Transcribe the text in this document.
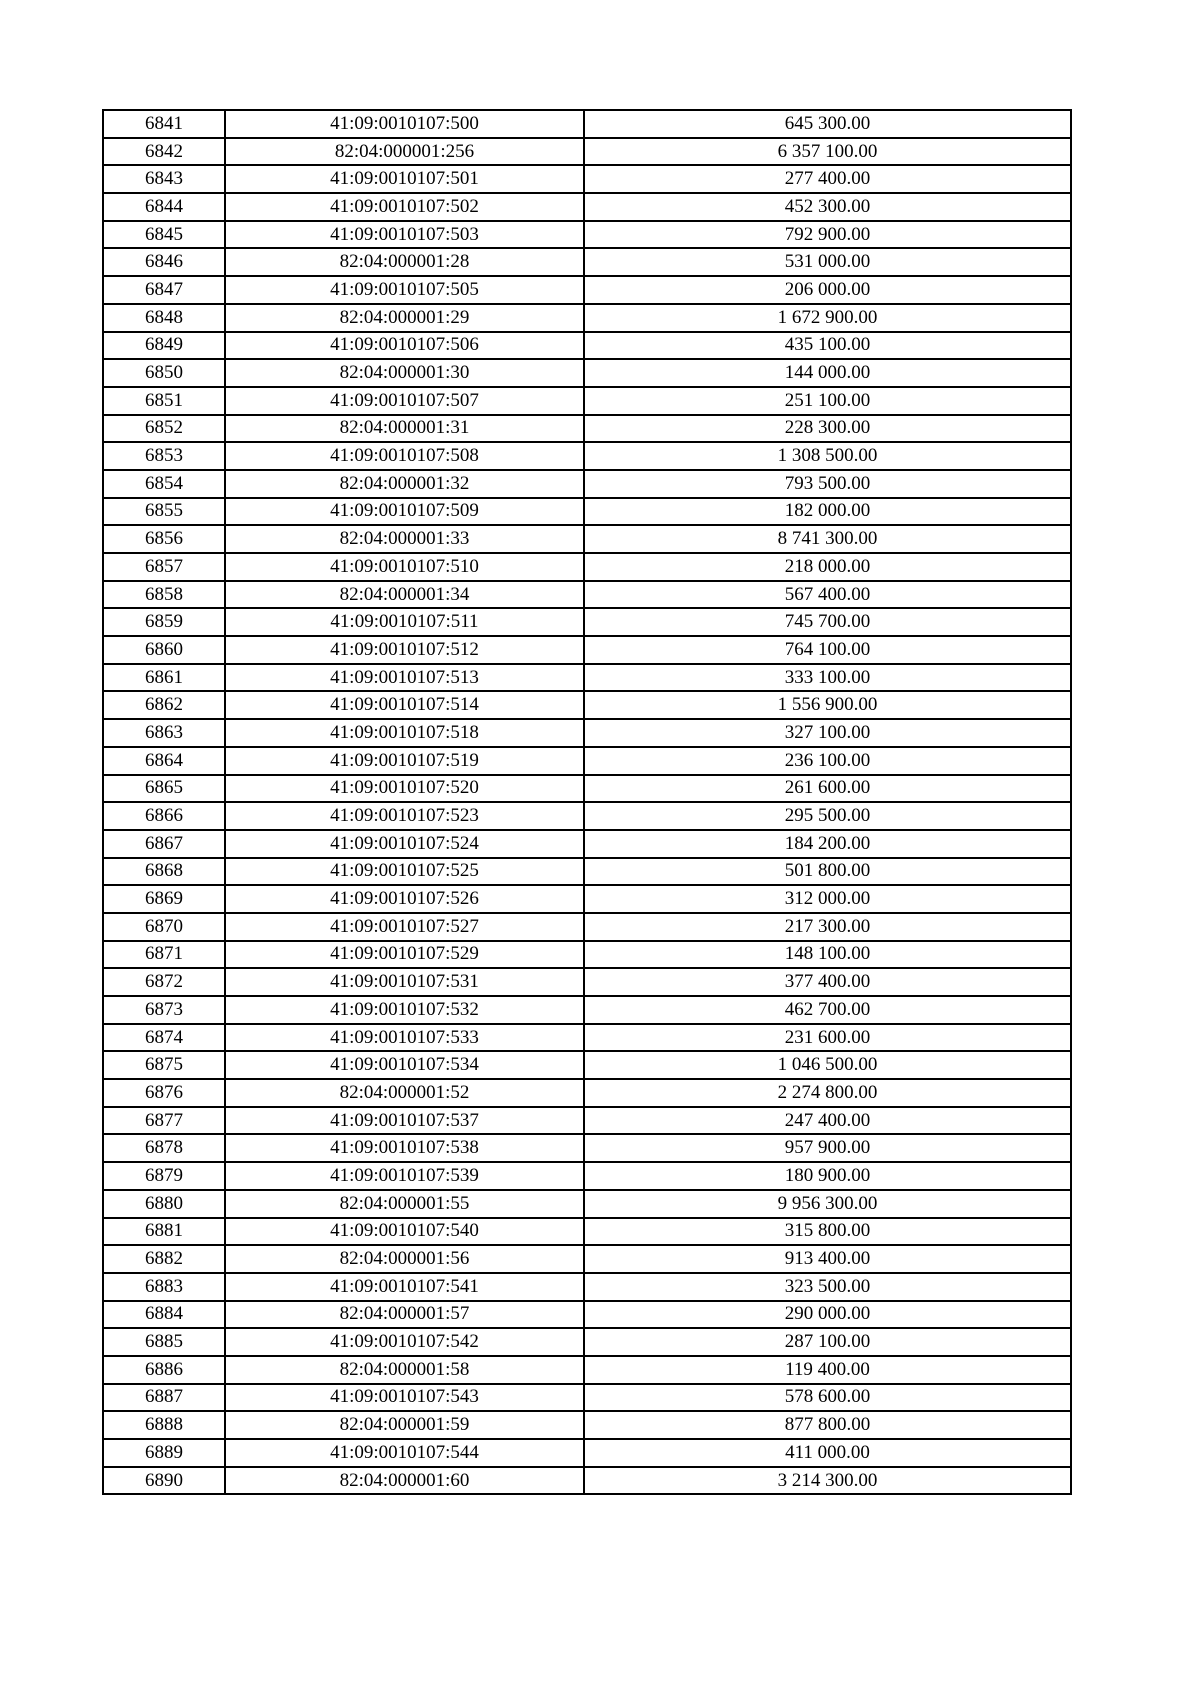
6841	41:09:0010107:500	645 300.00
6842	82:04:000001:256	6 357 100.00
6843	41:09:0010107:501	277 400.00
6844	41:09:0010107:502	452 300.00
6845	41:09:0010107:503	792 900.00
6846	82:04:000001:28	531 000.00
6847	41:09:0010107:505	206 000.00
6848	82:04:000001:29	1 672 900.00
6849	41:09:0010107:506	435 100.00
6850	82:04:000001:30	144 000.00
6851	41:09:0010107:507	251 100.00
6852	82:04:000001:31	228 300.00
6853	41:09:0010107:508	1 308 500.00
6854	82:04:000001:32	793 500.00
6855	41:09:0010107:509	182 000.00
6856	82:04:000001:33	8 741 300.00
6857	41:09:0010107:510	218 000.00
6858	82:04:000001:34	567 400.00
6859	41:09:0010107:511	745 700.00
6860	41:09:0010107:512	764 100.00
6861	41:09:0010107:513	333 100.00
6862	41:09:0010107:514	1 556 900.00
6863	41:09:0010107:518	327 100.00
6864	41:09:0010107:519	236 100.00
6865	41:09:0010107:520	261 600.00
6866	41:09:0010107:523	295 500.00
6867	41:09:0010107:524	184 200.00
6868	41:09:0010107:525	501 800.00
6869	41:09:0010107:526	312 000.00
6870	41:09:0010107:527	217 300.00
6871	41:09:0010107:529	148 100.00
6872	41:09:0010107:531	377 400.00
6873	41:09:0010107:532	462 700.00
6874	41:09:0010107:533	231 600.00
6875	41:09:0010107:534	1 046 500.00
6876	82:04:000001:52	2 274 800.00
6877	41:09:0010107:537	247 400.00
6878	41:09:0010107:538	957 900.00
6879	41:09:0010107:539	180 900.00
6880	82:04:000001:55	9 956 300.00
6881	41:09:0010107:540	315 800.00
6882	82:04:000001:56	913 400.00
6883	41:09:0010107:541	323 500.00
6884	82:04:000001:57	290 000.00
6885	41:09:0010107:542	287 100.00
6886	82:04:000001:58	119 400.00
6887	41:09:0010107:543	578 600.00
6888	82:04:000001:59	877 800.00
6889	41:09:0010107:544	411 000.00
6890	82:04:000001:60	3 214 300.00
